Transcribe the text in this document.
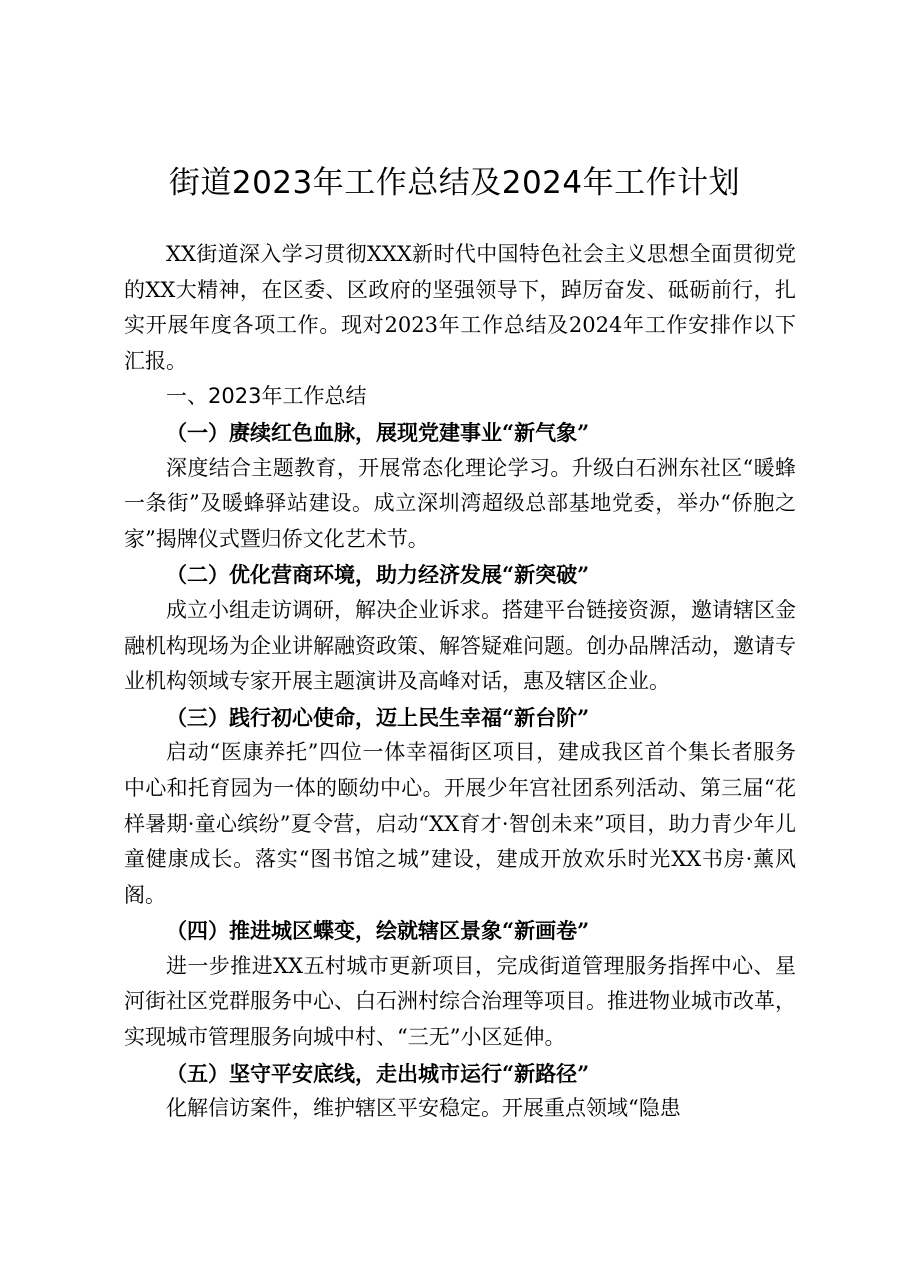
街道2023年工作总结及2024年工作计划

XX街道深入学习贯彻XXX新时代中国特色社会主义思想全面贯彻党的XX大精神，在区委、区政府的坚强领导下，踔厉奋发、砥砺前行，扎实开展年度各项工作。现对2023年工作总结及2024年工作安排作以下汇报。

一、2023年工作总结

（一）赓续红色血脉，展现党建事业“新气象”

深度结合主题教育，开展常态化理论学习。升级白石洲东社区“暖蜂一条街”及暖蜂驿站建设。成立深圳湾超级总部基地党委，举办“侨胞之家”揭牌仪式暨归侨文化艺术节。

（二）优化营商环境，助力经济发展“新突破”

成立小组走访调研，解决企业诉求。搭建平台链接资源，邀请辖区金融机构现场为企业讲解融资政策、解答疑难问题。创办品牌活动，邀请专业机构领域专家开展主题演讲及高峰对话，惠及辖区企业。

（三）践行初心使命，迈上民生幸福“新台阶”

启动“医康养托”四位一体幸福街区项目，建成我区首个集长者服务中心和托育园为一体的颐幼中心。开展少年宫社团系列活动、第三届“花样暑期·童心缤纷”夏令营，启动“XX育才·智创未来”项目，助力青少年儿童健康成长。落实“图书馆之城”建设，建成开放欢乐时光XX书房·薰风阁。

（四）推进城区蝶变，绘就辖区景象“新画卷”

进一步推进XX五村城市更新项目，完成街道管理服务指挥中心、星河街社区党群服务中心、白石洲村综合治理等项目。推进物业城市改革，实现城市管理服务向城中村、“三无”小区延伸。

（五）坚守平安底线，走出城市运行“新路径”

化解信访案件，维护辖区平安稳定。开展重点领域“隐患
